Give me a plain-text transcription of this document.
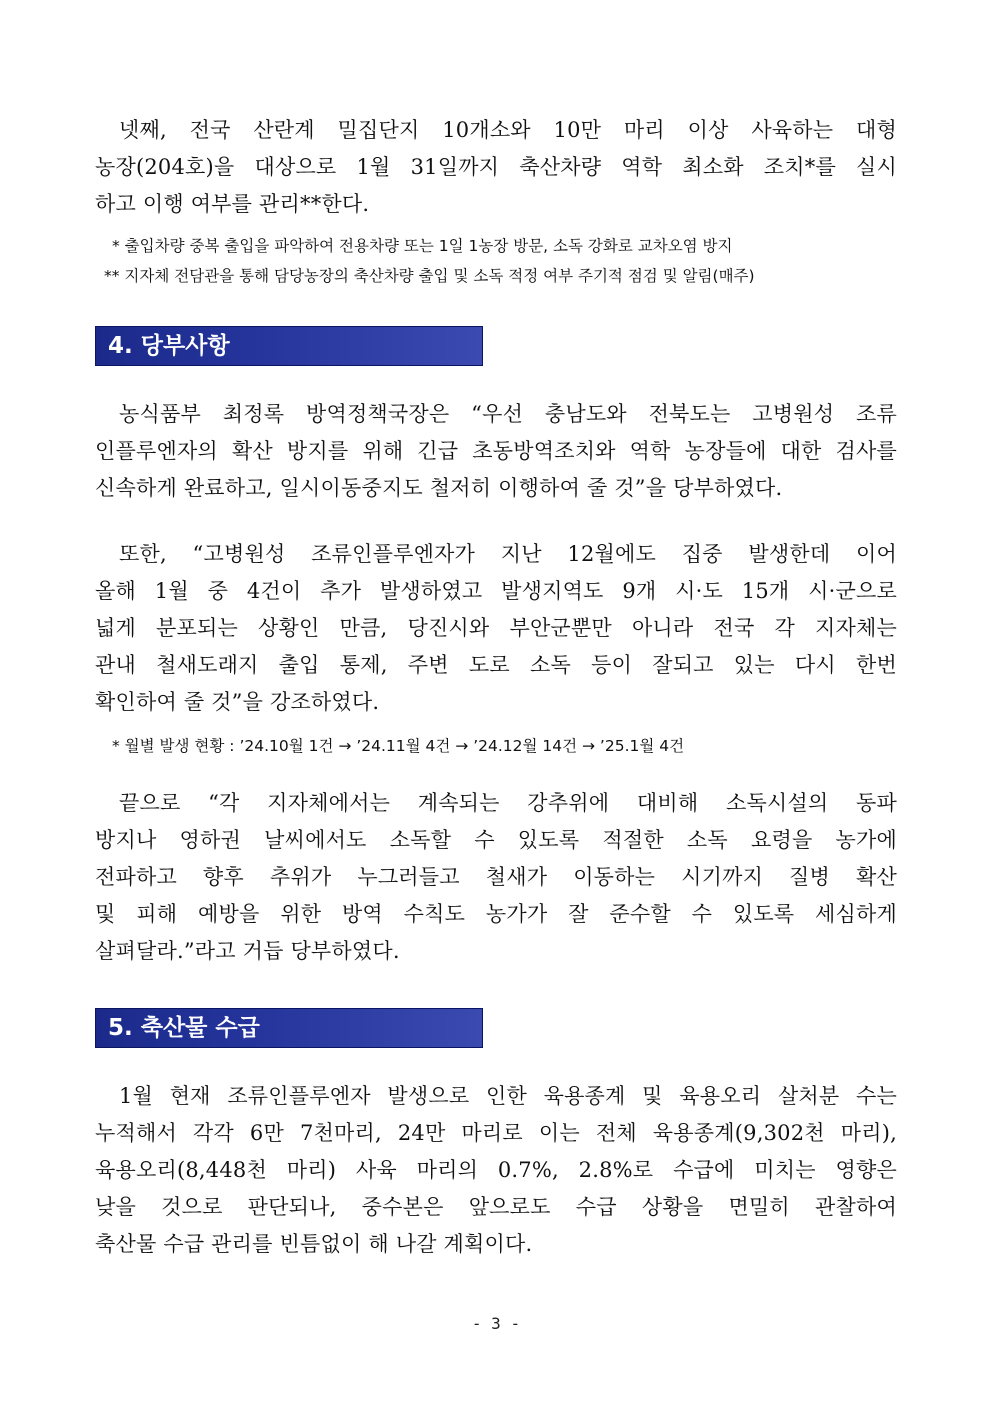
넷째, 전국 산란계 밀집단지 10개소와 10만 마리 이상 사육하는 대형
농장(204호)을 대상으로 1월 31일까지 축산차량 역학 최소화 조치*를 실시
하고 이행 여부를 관리**한다.
* 출입차량 중복 출입을 파악하여 전용차량 또는 1일 1농장 방문, 소독 강화로 교차오염 방지
** 지자체 전담관을 통해 담당농장의 축산차량 출입 및 소독 적정 여부 주기적 점검 및 알림(매주)
4. 당부사항
농식품부 최정록 방역정책국장은 “우선 충남도와 전북도는 고병원성 조류
인플루엔자의 확산 방지를 위해 긴급 초동방역조치와 역학 농장들에 대한 검사를
신속하게 완료하고, 일시이동중지도 철저히 이행하여 줄 것”을 당부하였다.
또한, “고병원성 조류인플루엔자가 지난 12월에도 집중 발생한데 이어
올해 1월 중 4건이 추가 발생하였고 발생지역도 9개 시·도 15개 시·군으로
넓게 분포되는 상황인 만큼, 당진시와 부안군뿐만 아니라 전국 각 지자체는
관내 철새도래지 출입 통제, 주변 도로 소독 등이 잘되고 있는 다시 한번
확인하여 줄 것”을 강조하였다.
* 월별 발생 현황 : ’24.10월 1건 → ’24.11월 4건 → ’24.12월 14건 → ’25.1월 4건
끝으로 “각 지자체에서는 계속되는 강추위에 대비해 소독시설의 동파
방지나 영하권 날씨에서도 소독할 수 있도록 적절한 소독 요령을 농가에
전파하고 향후 추위가 누그러들고 철새가 이동하는 시기까지 질병 확산
및 피해 예방을 위한 방역 수칙도 농가가 잘 준수할 수 있도록 세심하게
살펴달라.”라고 거듭 당부하였다.
5. 축산물 수급
1월 현재 조류인플루엔자 발생으로 인한 육용종계 및 육용오리 살처분 수는
누적해서 각각 6만 7천마리, 24만 마리로 이는 전체 육용종계(9,302천 마리),
육용오리(8,448천 마리) 사육 마리의 0.7%, 2.8%로 수급에 미치는 영향은
낮을 것으로 판단되나, 중수본은 앞으로도 수급 상황을 면밀히 관찰하여
축산물 수급 관리를 빈틈없이 해 나갈 계획이다.
- 3 -
